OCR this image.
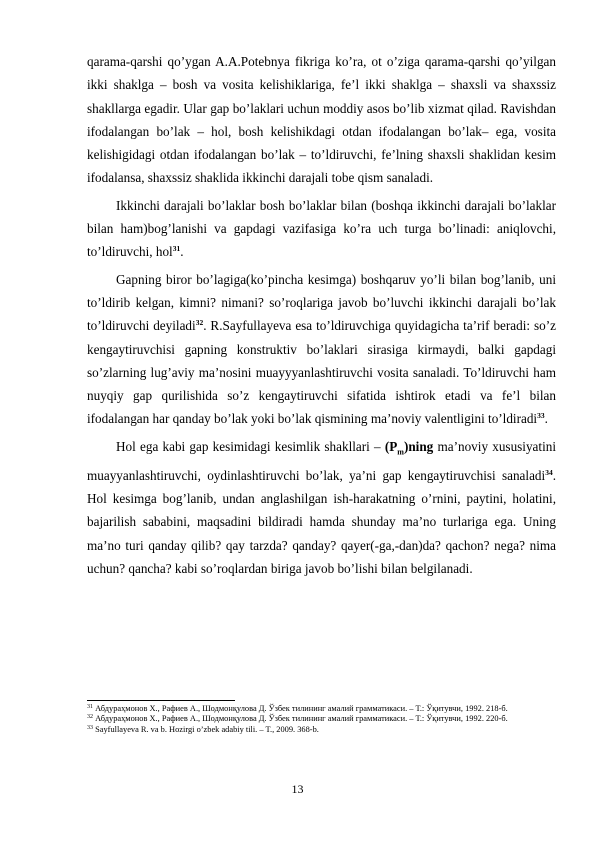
qarama-qarshi qo’ygan A.A.Potebnya fikriga ko’ra, ot o’ziga qarama-qarshi qo’yilgan ikki shaklga – bosh va vosita kelishiklariga, fe’l ikki shaklga – shaxsli va shaxssiz shakllarga egadir. Ular gap bo’laklari uchun moddiy asos bo’lib xizmat qilad. Ravishdan ifodalangan bo’lak – hol, bosh kelishikdagi otdan ifodalangan bo’lak– ega, vosita kelishigidagi otdan ifodalangan bo’lak – to’ldiruvchi, fe’lning shaxsli shaklidan kesim ifodalansa, shaxssiz shaklida ikkinchi darajali tobe qism sanaladi.

Ikkinchi darajali bo’laklar bosh bo’laklar bilan (boshqa ikkinchi darajali bo’laklar bilan ham)bog’lanishi va gapdagi vazifasiga ko’ra uch turga bo’linadi: aniqlovchi, to’ldiruvchi, hol$^{31}$.

Gapning biror bo’lagiga(ko’pincha kesimga) boshqaruv yo’li bilan bog’lanib, uni to’ldirib kelgan, kimni? nimani? so’roqlariga javob bo’luvchi ikkinchi darajali bo’lak to’ldiruvchi deyiladi$^{32}$. R.Sayfullayeva esa to’ldiruvchiga quyidagicha ta’rif beradi: so’z kengaytiruvchisi gapning konstruktiv bo’laklari sirasiga kirmaydi, balki gapdagi so’zlarning lug’aviy ma’nosini muayyyanlashtiruvchi vosita sanaladi. To’ldiruvchi ham nuyqiy gap qurilishida so’z kengaytiruvchi sifatida ishtirok etadi va fe’l bilan ifodalangan har qanday bo’lak yoki bo’lak qismining ma’noviy valentligini to’ldiradi$^{33}$.

Hol ega kabi gap kesimidagi kesimlik shakllari – $(P_m)ning$ ma’noviy xususiyatini muayyanlashtiruvchi, oydinlashtiruvchi bo’lak, ya’ni gap kengaytiruvchisi sanaladi$^{34}$. Hol kesimga bog’lanib, undan anglashilgan ish-harakatning o’rnini, paytini, holatini, bajarilish sababini, maqsadini bildiradi hamda shunday ma’no turlariga ega. Uning ma’no turi qanday qilib? qay tarzda? qanday? qayer(-ga,-dan)da? qachon? nega? nima uchun? qancha? kabi so’roqlardan biriga javob bo’lishi bilan belgilanadi.

$^{31}$ Абдураҳмонов Х., Рафиев А., Шодмонқулова Д. Ўзбек тилининг амалий грамматикаси. – Т.: Ўқитувчи, 1992. 218-б.

$^{32}$ Абдураҳмонов Х., Рафиев А., Шодмонқулова Д. Ўзбек тилининг амалий грамматикаси. – Т.: Ўқитувчи, 1992. 220-б.

$^{33}$ Sayfullayeva R. va b. Hozirgi o’zbek adabiy tili. – T., 2009. 368-b.

13
